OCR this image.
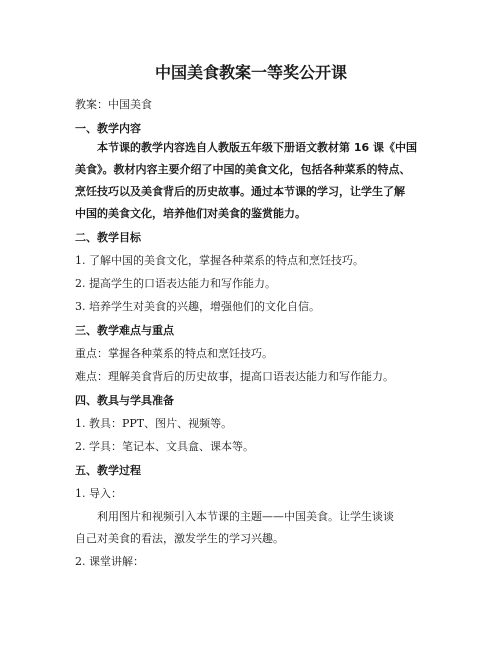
中国美食教案一等奖公开课
教案：中国美食
一、教学内容
本节课的教学内容选自人教版五年级下册语文教材第 16 课《中国
美食》。教材内容主要介绍了中国的美食文化，包括各种菜系的特点、
烹饪技巧以及美食背后的历史故事。通过本节课的学习，让学生了解
中国的美食文化，培养他们对美食的鉴赏能力。
二、教学目标
1. 了解中国的美食文化，掌握各种菜系的特点和烹饪技巧。
2. 提高学生的口语表达能力和写作能力。
3. 培养学生对美食的兴趣，增强他们的文化自信。
三、教学难点与重点
重点：掌握各种菜系的特点和烹饪技巧。
难点：理解美食背后的历史故事，提高口语表达能力和写作能力。
四、教具与学具准备
1. 教具：PPT、图片、视频等。
2. 学具：笔记本、文具盒、课本等。
五、教学过程
1. 导入：
利用图片和视频引入本节课的主题——中国美食。让学生谈谈
自己对美食的看法，激发学生的学习兴趣。
2. 课堂讲解：
